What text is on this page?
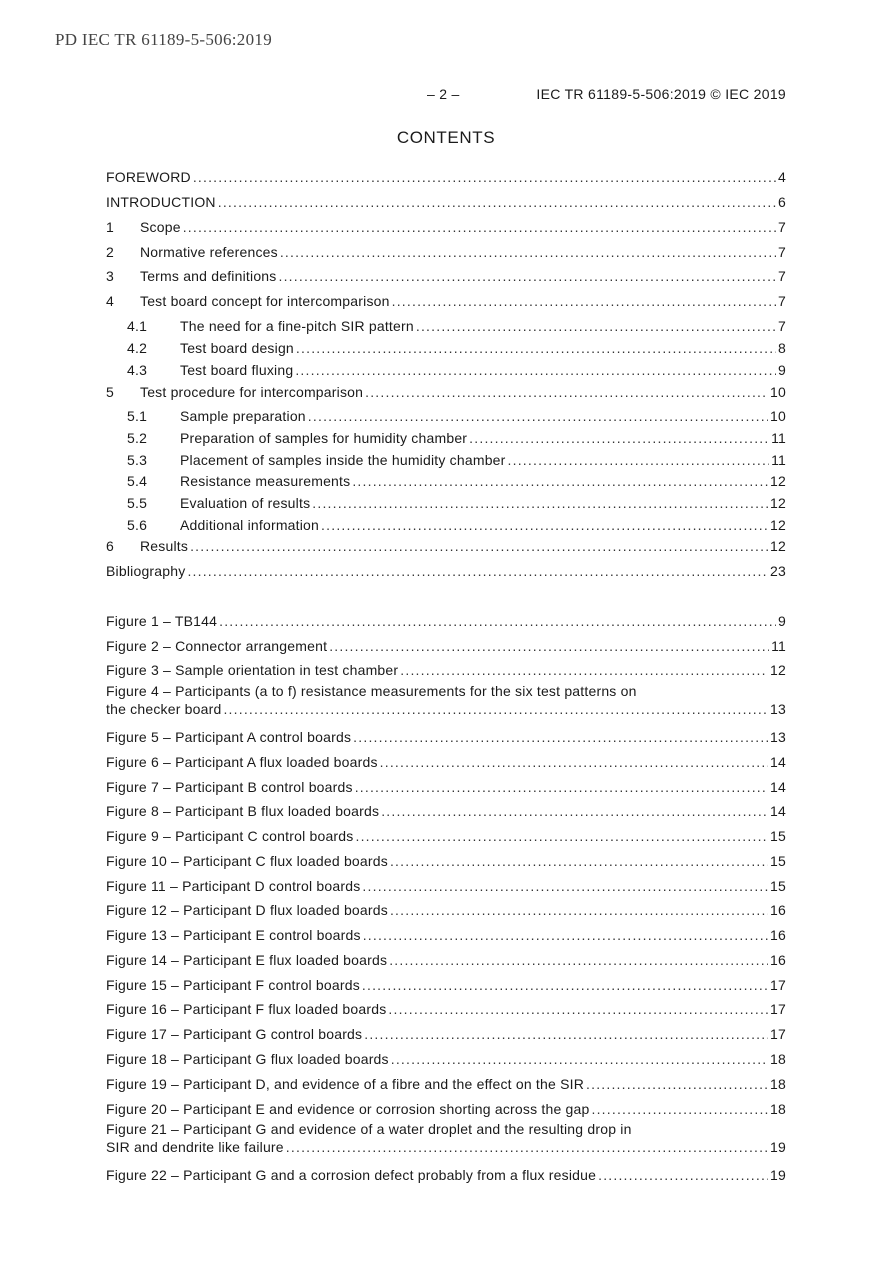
PD IEC TR 61189-5-506:2019
– 2 –	IEC TR 61189-5-506:2019 © IEC 2019
CONTENTS
FOREWORD .....	4
INTRODUCTION .....	6
1	Scope .....	7
2	Normative references .....	7
3	Terms and definitions .....	7
4	Test board concept for intercomparison .....	7
4.1	The need for a fine-pitch SIR pattern .....	7
4.2	Test board design .....	8
4.3	Test board fluxing .....	9
5	Test procedure for intercomparison .....	10
5.1	Sample preparation .....	10
5.2	Preparation of samples for humidity chamber .....	11
5.3	Placement of samples inside the humidity chamber .....	11
5.4	Resistance measurements .....	12
5.5	Evaluation of results .....	12
5.6	Additional information .....	12
6	Results .....	12
Bibliography .....	23
Figure 1 – TB144 .....	9
Figure 2 – Connector arrangement .....	11
Figure 3 – Sample orientation in test chamber .....	12
Figure 4 – Participants (a to f) resistance measurements for the six test patterns on
the checker board .....	13
Figure 5 – Participant A control boards .....	13
Figure 6 – Participant A flux loaded boards .....	14
Figure 7 – Participant B control boards .....	14
Figure 8 – Participant B flux loaded boards .....	14
Figure 9 – Participant C control boards .....	15
Figure 10 – Participant C flux loaded boards .....	15
Figure 11 – Participant D control boards .....	15
Figure 12 – Participant D flux loaded boards .....	16
Figure 13 – Participant E control boards .....	16
Figure 14 – Participant E flux loaded boards .....	16
Figure 15 – Participant F control boards .....	17
Figure 16 – Participant F flux loaded boards .....	17
Figure 17 – Participant G control boards .....	17
Figure 18 – Participant G flux loaded boards .....	18
Figure 19 – Participant D, and evidence of a fibre and the effect on the SIR .....	18
Figure 20 – Participant E and evidence or corrosion shorting across the gap .....	18
Figure 21 – Participant G and evidence of a water droplet and the resulting drop in
SIR and dendrite like failure .....	19
Figure 22 – Participant G and a corrosion defect probably from a flux residue .....	19
